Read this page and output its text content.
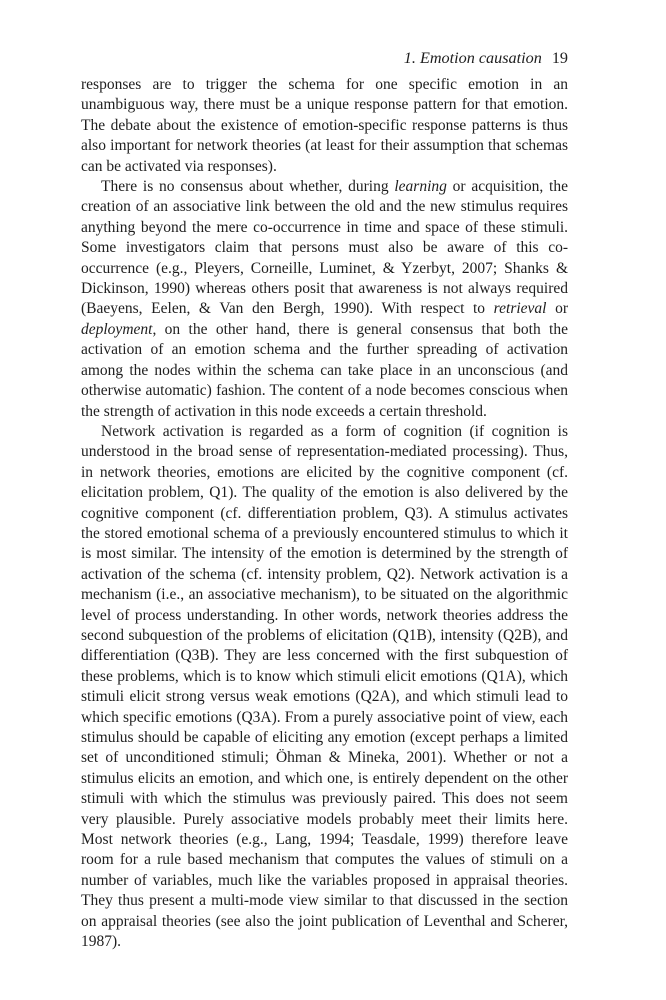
1. Emotion causation 19

responses are to trigger the schema for one specific emotion in an unambiguous way, there must be a unique response pattern for that emotion. The debate about the existence of emotion-specific response patterns is thus also important for network theories (at least for their assumption that schemas can be activated via responses).

There is no consensus about whether, during learning or acquisition, the creation of an associative link between the old and the new stimulus requires anything beyond the mere co-occurrence in time and space of these stimuli. Some investigators claim that persons must also be aware of this co-occurrence (e.g., Pleyers, Corneille, Luminet, & Yzerbyt, 2007; Shanks & Dickinson, 1990) whereas others posit that awareness is not always required (Baeyens, Eelen, & Van den Bergh, 1990). With respect to retrieval or deployment, on the other hand, there is general consensus that both the activation of an emotion schema and the further spreading of activation among the nodes within the schema can take place in an unconscious (and otherwise automatic) fashion. The content of a node becomes conscious when the strength of activation in this node exceeds a certain threshold.

Network activation is regarded as a form of cognition (if cognition is understood in the broad sense of representation-mediated processing). Thus, in network theories, emotions are elicited by the cognitive component (cf. elicitation problem, Q1). The quality of the emotion is also delivered by the cognitive component (cf. differentiation problem, Q3). A stimulus activates the stored emotional schema of a previously encountered stimulus to which it is most similar. The intensity of the emotion is determined by the strength of activation of the schema (cf. intensity problem, Q2). Network activation is a mechanism (i.e., an associative mechanism), to be situated on the algorithmic level of process understanding. In other words, network theories address the second subquestion of the problems of elicitation (Q1B), intensity (Q2B), and differentiation (Q3B). They are less concerned with the first subquestion of these problems, which is to know which stimuli elicit emotions (Q1A), which stimuli elicit strong versus weak emotions (Q2A), and which stimuli lead to which specific emotions (Q3A). From a purely associative point of view, each stimulus should be capable of eliciting any emotion (except perhaps a limited set of unconditioned stimuli; Öhman & Mineka, 2001). Whether or not a stimulus elicits an emotion, and which one, is entirely dependent on the other stimuli with which the stimulus was previously paired. This does not seem very plausible. Purely associative models probably meet their limits here. Most network theories (e.g., Lang, 1994; Teasdale, 1999) therefore leave room for a rule based mechanism that computes the values of stimuli on a number of variables, much like the variables proposed in appraisal theories. They thus present a multi-mode view similar to that discussed in the section on appraisal theories (see also the joint publication of Leventhal and Scherer, 1987).
